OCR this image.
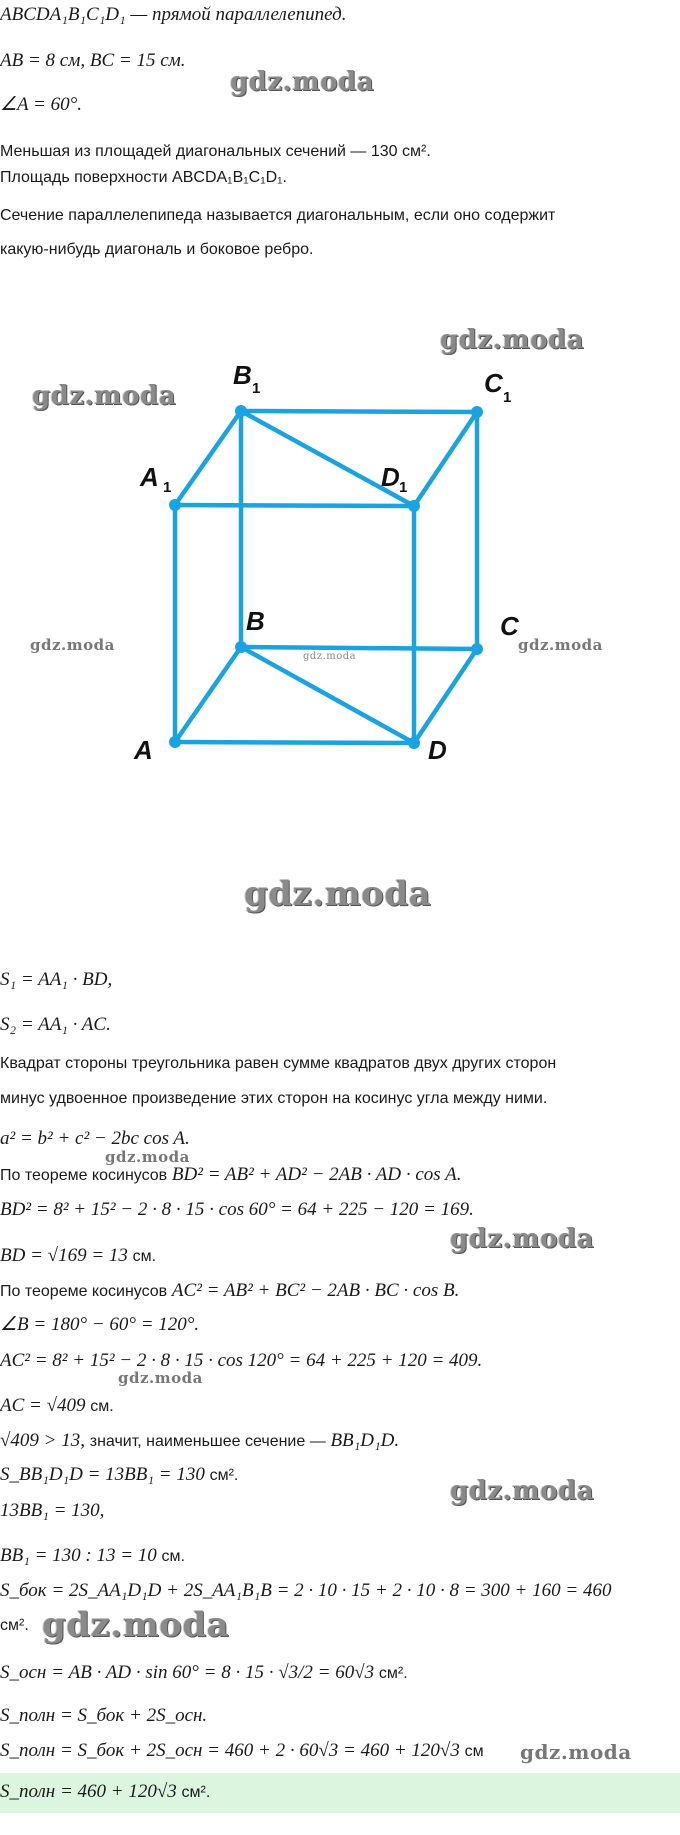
ABCDA₁B₁C₁D₁ — прямой параллелепипед.
AB = 8 см, BC = 15 см.
∠A = 60°.
Меньшая из площадей диагональных сечений — 130 см².
Площадь поверхности ABCDA₁B₁C₁D₁.
Сечение параллелепипеда называется диагональным, если оно содержит
какую-нибудь диагональ и боковое ребро.
B 1	C 1
A 1	D 1
B	C
A	D
gdz.moda
gdz.moda
gdz.moda
gdz.moda
gdz.moda
gdz.moda
gdz.moda
gdz.moda
gdz.moda
gdz.moda
gdz.moda
gdz.moda
S₁ = AA₁ · BD,
S₂ = AA₁ · AC.
Квадрат стороны треугольника равен сумме квадратов двух других сторон
минус удвоенное произведение этих сторон на косинус угла между ними.
a² = b² + c² − 2bc cos A.
По теореме косинусов BD² = AB² + AD² − 2AB · AD · cos A.
BD² = 8² + 15² − 2 · 8 · 15 · cos 60° = 64 + 225 − 120 = 169.
BD = √169 = 13 см.
По теореме косинусов AC² = AB² + BC² − 2AB · BC · cos B.
∠B = 180° − 60° = 120°.
AC² = 8² + 15² − 2 · 8 · 15 · cos 120° = 64 + 225 + 120 = 409.
AC = √409 см.
√409 > 13, значит, наименьшее сечение — BB₁D₁D.
S_BB₁D₁D = 13BB₁ = 130 см².
13BB₁ = 130,
BB₁ = 130 : 13 = 10 см.
S_бок = 2S_AA₁D₁D + 2S_AA₁B₁B = 2 · 10 · 15 + 2 · 10 · 8 = 300 + 160 = 460
см².
S_осн = AB · AD · sin 60° = 8 · 15 · √3/2 = 60√3 см².
S_полн = S_бок + 2S_осн.
S_полн = S_бок + 2S_осн = 460 + 2 · 60√3 = 460 + 120√3 см
S_полн = 460 + 120√3 см².
gdz.moda
